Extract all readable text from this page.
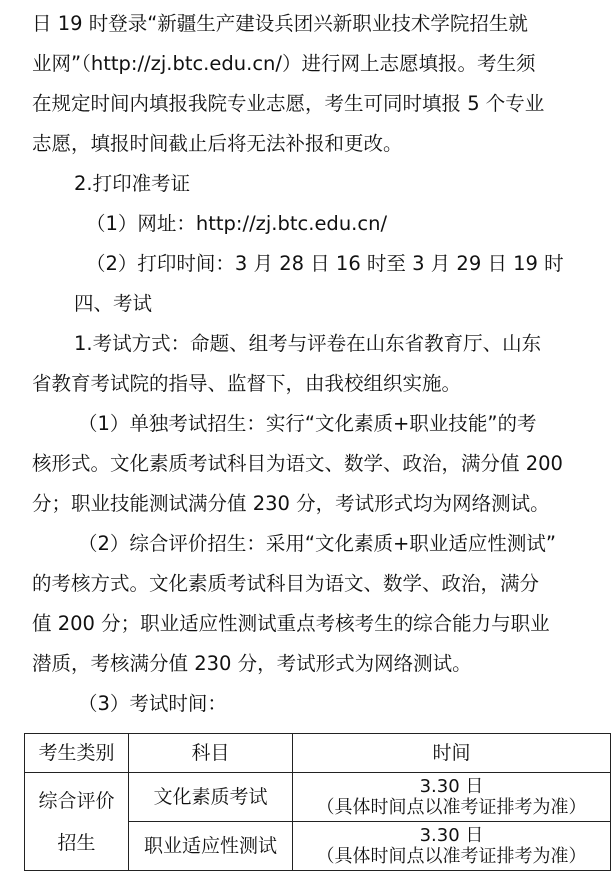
日 19 时登录“新疆生产建设兵团兴新职业技术学院招生就

业网”（http://zj.btc.edu.cn/）进行网上志愿填报。考生须

在规定时间内填报我院专业志愿，考生可同时填报 5 个专业

志愿，填报时间截止后将无法补报和更改。

2.打印准考证

（1）网址：http://zj.btc.edu.cn/

（2）打印时间：3 月 28 日 16 时至 3 月 29 日 19 时

四、考试

1.考试方式：命题、组考与评卷在山东省教育厅、山东

省教育考试院的指导、监督下，由我校组织实施。

（1）单独考试招生：实行“文化素质+职业技能”的考

核形式。文化素质考试科目为语文、数学、政治，满分值 200

分；职业技能测试满分值 230 分，考试形式均为网络测试。

（2）综合评价招生：采用“文化素质+职业适应性测试”

的考核方式。文化素质考试科目为语文、数学、政治，满分

值 200 分；职业适应性测试重点考核考生的综合能力与职业

潜质，考核满分值 230 分，考试形式为网络测试。

（3）考试时间：

考生类别	科目	时间

综合评价
招生	文化素质考试	3.30 日
（具体时间点以准考证排考为准）

	职业适应性测试	3.30 日
（具体时间点以准考证排考为准）
